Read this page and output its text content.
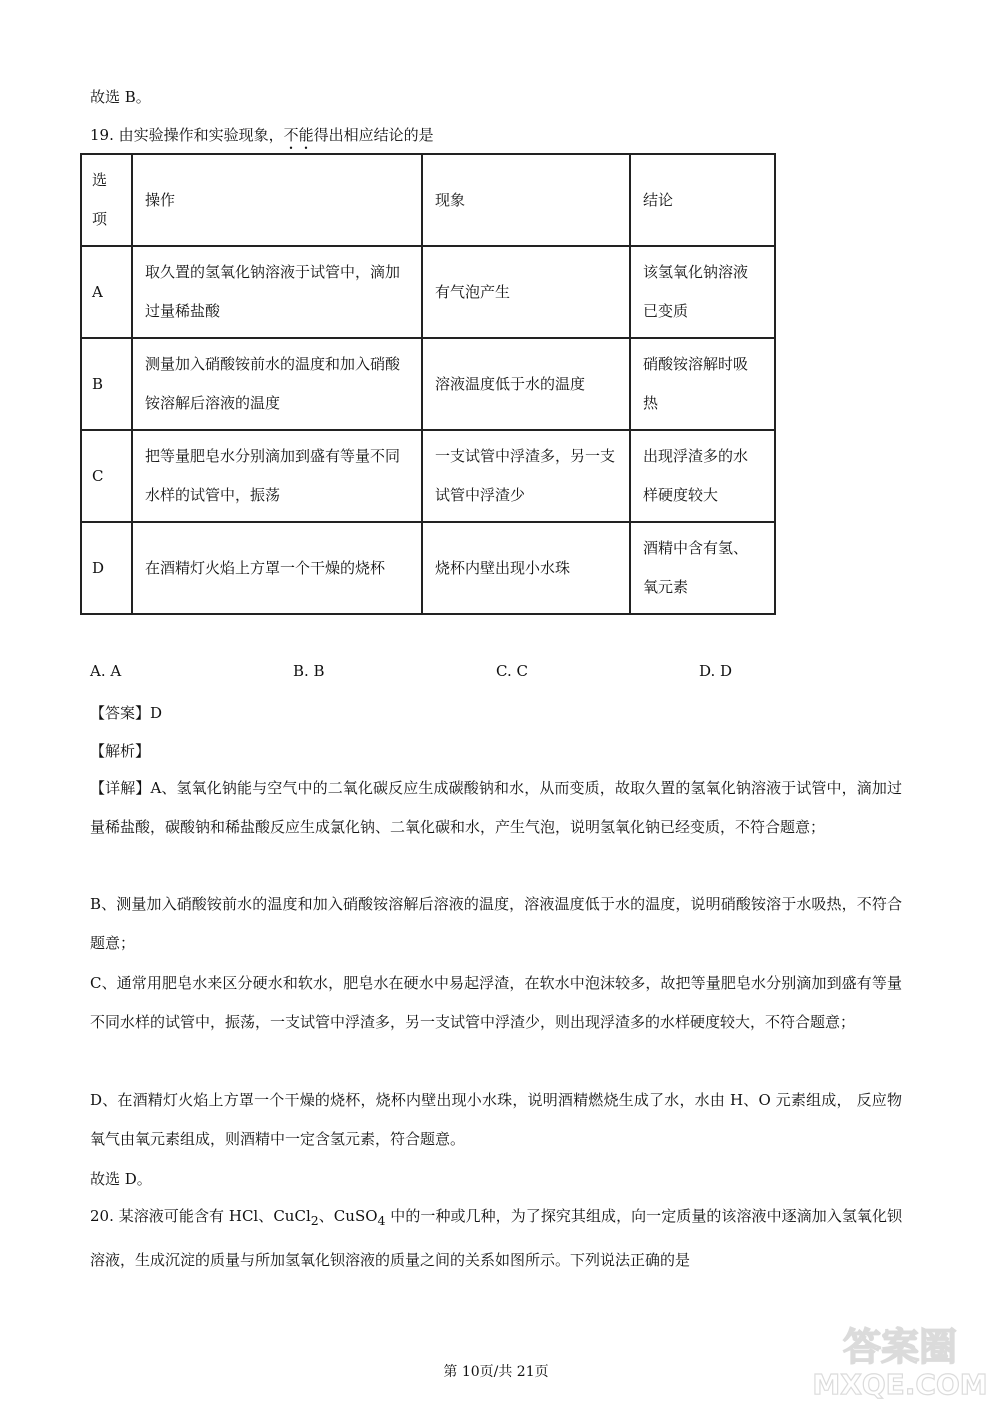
故选 B。
19. 由实验操作和实验现象，不能得出相应结论的是
选项	操作	现象	结论
A	取久置的氢氧化钠溶液于试管中，滴加过量稀盐酸	有气泡产生	该氢氧化钠溶液已变质
B	测量加入硝酸铵前水的温度和加入硝酸铵溶解后溶液的温度	溶液温度低于水的温度	硝酸铵溶解时吸热
C	把等量肥皂水分别滴加到盛有等量不同水样的试管中，振荡	一支试管中浮渣多，另一支试管中浮渣少	出现浮渣多的水样硬度较大
D	在酒精灯火焰上方罩一个干燥的烧杯	烧杯内壁出现小水珠	酒精中含有氢、氧元素
A. A	B. B	C. C	D. D
【答案】D
【解析】
【详解】A、氢氧化钠能与空气中的二氧化碳反应生成碳酸钠和水，从而变质，故取久置的氢氧化钠溶液于试管中，滴加过量稀盐酸，碳酸钠和稀盐酸反应生成氯化钠、二氧化碳和水，产生气泡，说明氢氧化钠已经变质，不符合题意；
B、测量加入硝酸铵前水的温度和加入硝酸铵溶解后溶液的温度，溶液温度低于水的温度，说明硝酸铵溶于水吸热，不符合题意；
C、通常用肥皂水来区分硬水和软水，肥皂水在硬水中易起浮渣，在软水中泡沫较多，故把等量肥皂水分别滴加到盛有等量不同水样的试管中，振荡，一支试管中浮渣多，另一支试管中浮渣少，则出现浮渣多的水样硬度较大，不符合题意；
D、在酒精灯火焰上方罩一个干燥的烧杯，烧杯内壁出现小水珠，说明酒精燃烧生成了水，水由 H、O 元素组成， 反应物氧气由氧元素组成，则酒精中一定含氢元素，符合题意。
故选 D。
20. 某溶液可能含有 HCl、CuCl$_2$、CuSO$_4$ 中的一种或几种，为了探究其组成，向一定质量的该溶液中逐滴加入氢氧化钡溶液，生成沉淀的质量与所加氢氧化钡溶液的质量之间的关系如图所示。下列说法正确的是
答案圈
MXQE.COM
第 10页/共 21页
